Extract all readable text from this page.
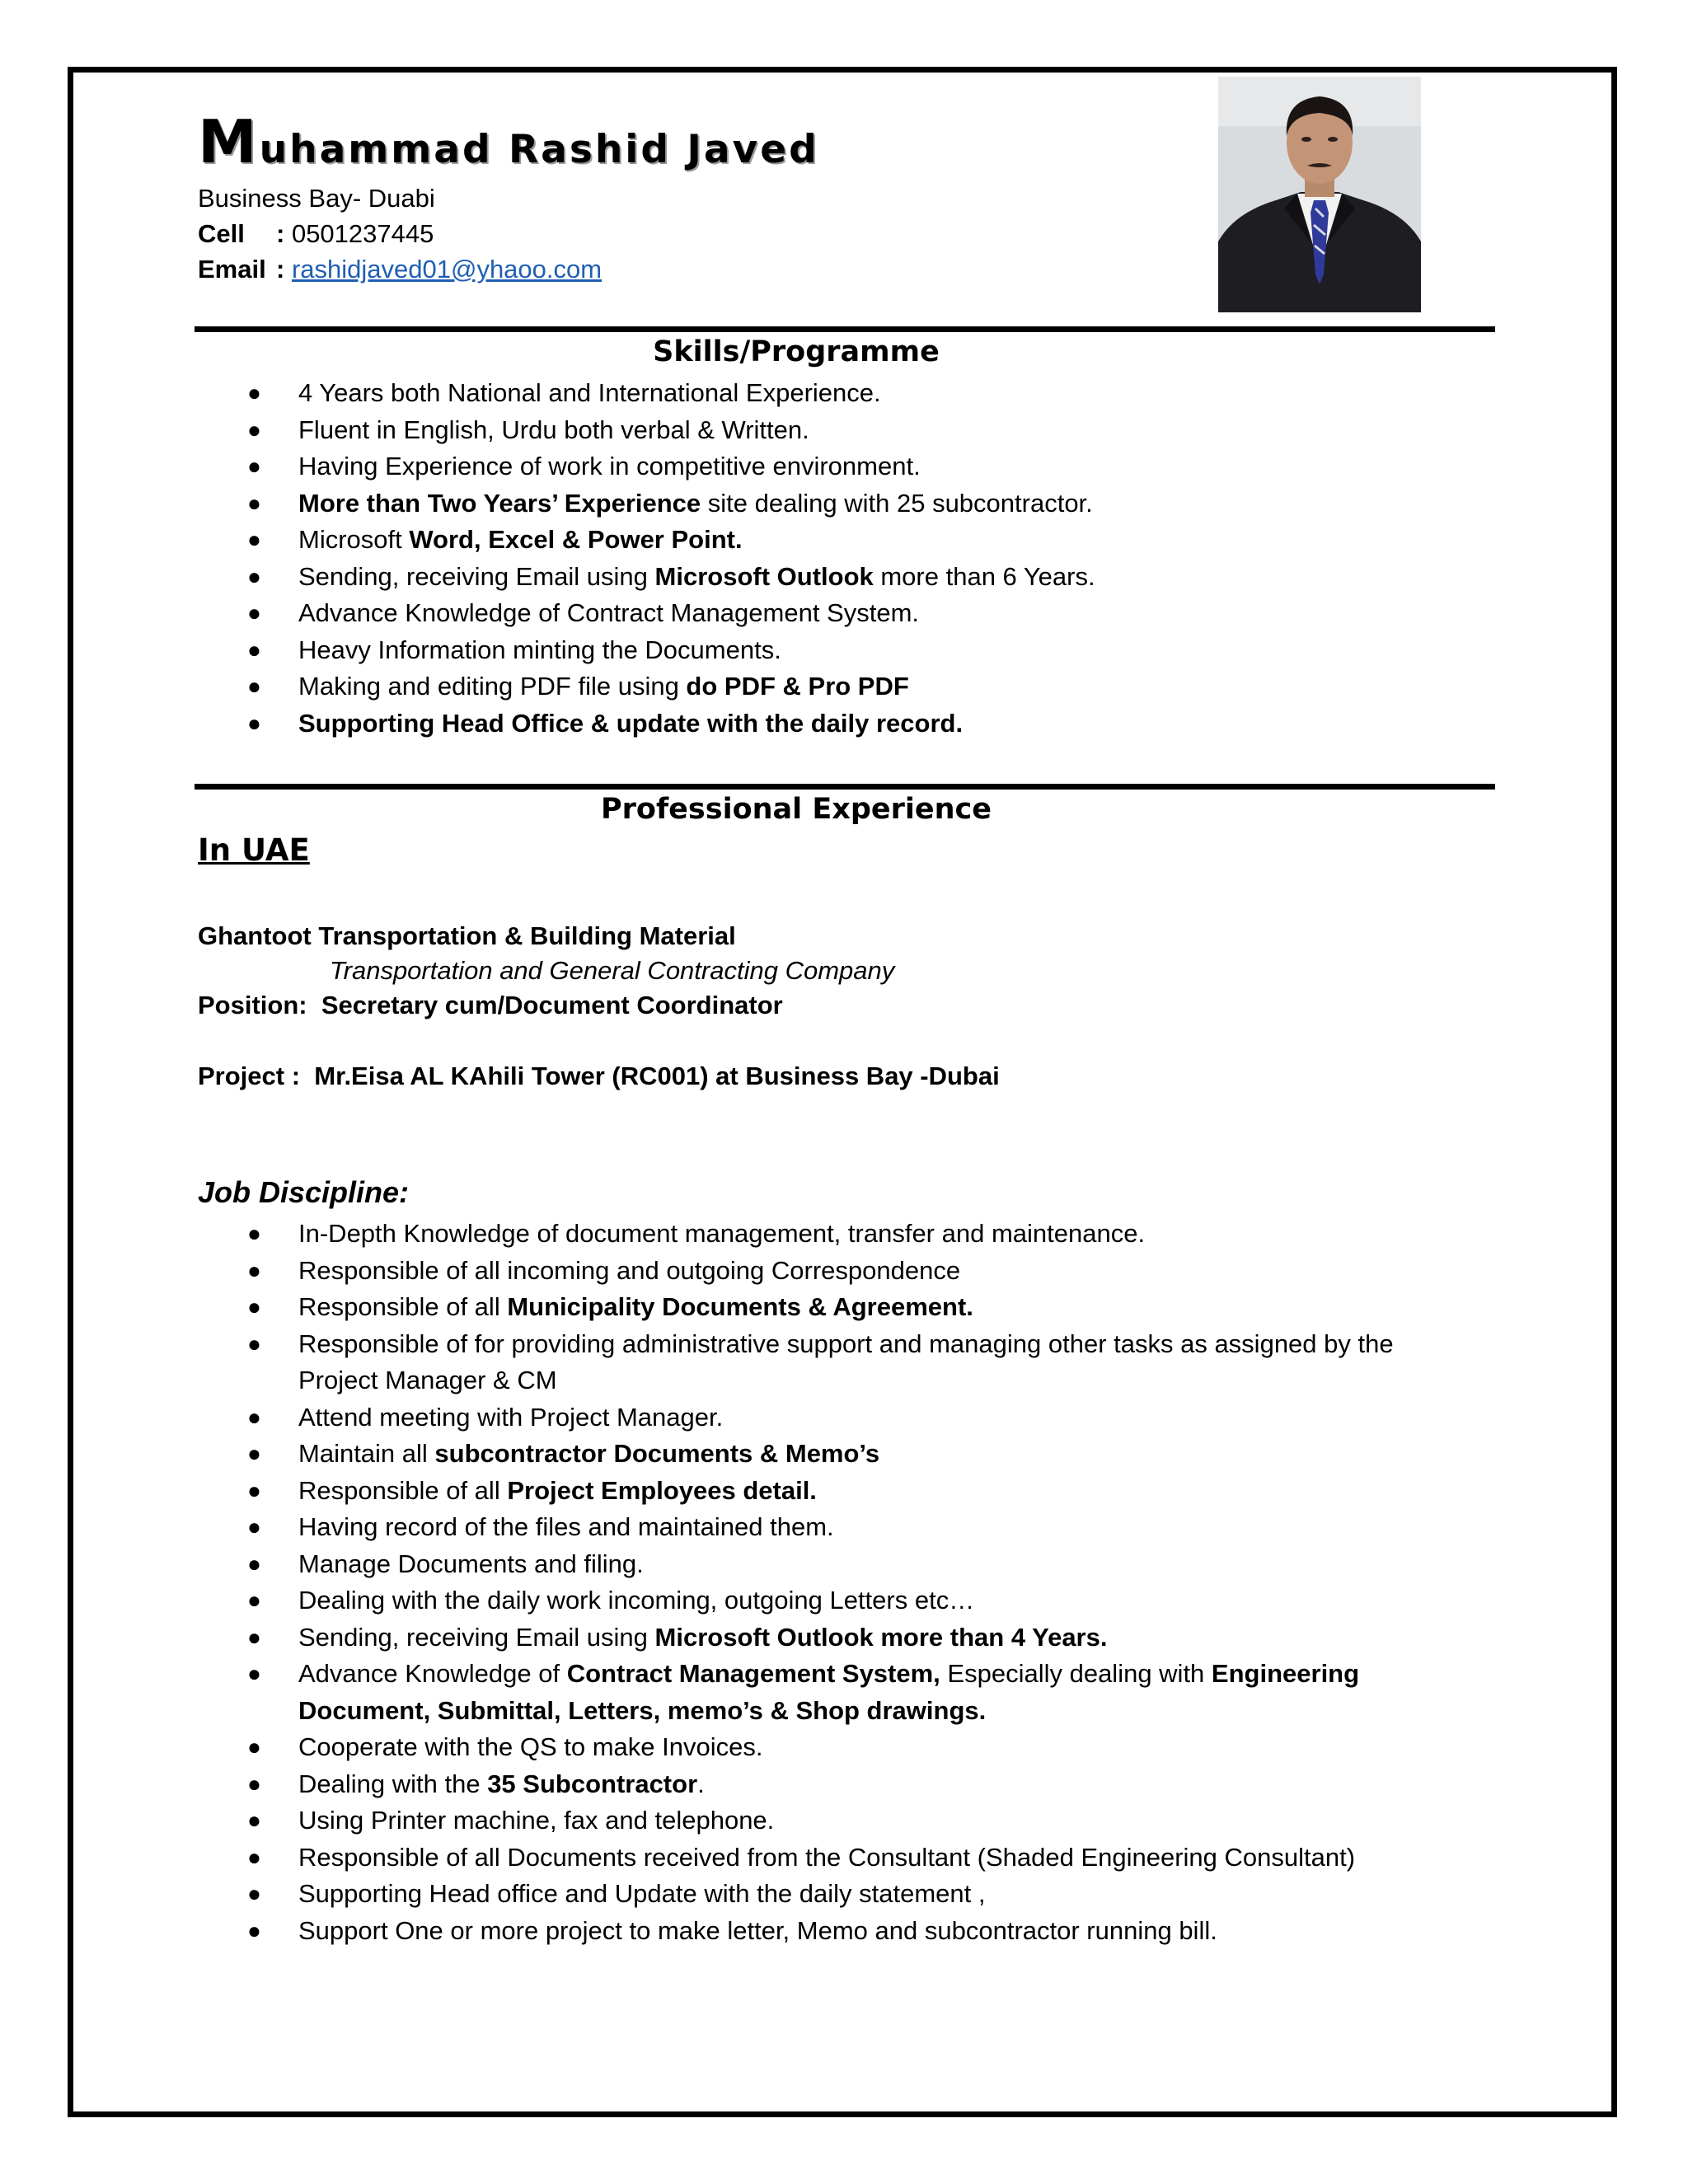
Muhammad Rashid Javed
Business Bay- Duabi
Cell : 0501237445
Email : rashidjaved01@yhaoo.com
Skills/Programme
● 4 Years both National and International Experience.
● Fluent in English, Urdu both verbal & Written.
● Having Experience of work in competitive environment.
● More than Two Years’ Experience site dealing with 25 subcontractor.
● Microsoft Word, Excel & Power Point.
● Sending, receiving Email using Microsoft Outlook more than 6 Years.
● Advance Knowledge of Contract Management System.
● Heavy Information minting the Documents.
● Making and editing PDF file using do PDF & Pro PDF
● Supporting Head Office & update with the daily record.
Professional Experience
In UAE
Ghantoot Transportation & Building Material
Transportation and General Contracting Company
Position: Secretary cum/Document Coordinator
Project : Mr.Eisa AL KAhili Tower (RC001) at Business Bay -Dubai
Job Discipline:
● In-Depth Knowledge of document management, transfer and maintenance.
● Responsible of all incoming and outgoing Correspondence
● Responsible of all Municipality Documents & Agreement.
● Responsible of for providing administrative support and managing other tasks as assigned by the
Project Manager & CM
● Attend meeting with Project Manager.
● Maintain all subcontractor Documents & Memo’s
● Responsible of all Project Employees detail.
● Having record of the files and maintained them.
● Manage Documents and filing.
● Dealing with the daily work incoming, outgoing Letters etc…
● Sending, receiving Email using Microsoft Outlook more than 4 Years.
● Advance Knowledge of Contract Management System, Especially dealing with Engineering
Document, Submittal, Letters, memo’s & Shop drawings.
● Cooperate with the QS to make Invoices.
● Dealing with the 35 Subcontractor.
● Using Printer machine, fax and telephone.
● Responsible of all Documents received from the Consultant (Shaded Engineering Consultant)
● Supporting Head office and Update with the daily statement ,
● Support One or more project to make letter, Memo and subcontractor running bill.
